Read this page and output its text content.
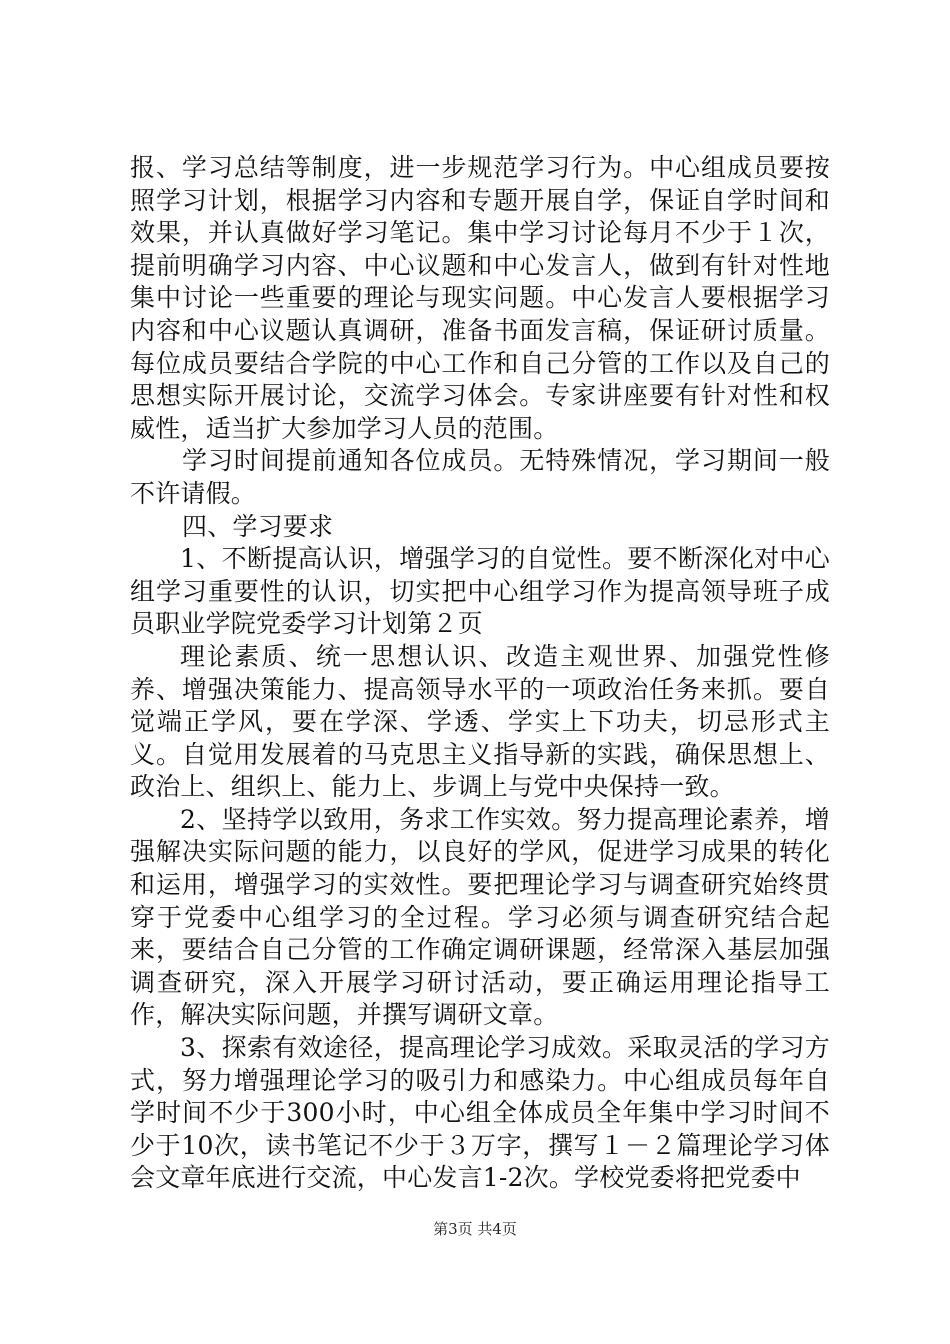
报、学习总结等制度，进一步规范学习行为。中心组成员要按照学习计划，根据学习内容和专题开展自学，保证自学时间和效果，并认真做好学习笔记。集中学习讨论每月不少于１次，提前明确学习内容、中心议题和中心发言人，做到有针对性地集中讨论一些重要的理论与现实问题。中心发言人要根据学习内容和中心议题认真调研，准备书面发言稿，保证研讨质量。每位成员要结合学院的中心工作和自己分管的工作以及自己的思想实际开展讨论，交流学习体会。专家讲座要有针对性和权威性，适当扩大参加学习人员的范围。

学习时间提前通知各位成员。无特殊情况，学习期间一般不许请假。

四、学习要求

1、不断提高认识，增强学习的自觉性。要不断深化对中心组学习重要性的认识，切实把中心组学习作为提高领导班子成员职业学院党委学习计划第２页

理论素质、统一思想认识、改造主观世界、加强党性修养、增强决策能力、提高领导水平的一项政治任务来抓。要自觉端正学风，要在学深、学透、学实上下功夫，切忌形式主义。自觉用发展着的马克思主义指导新的实践，确保思想上、政治上、组织上、能力上、步调上与党中央保持一致。

2、坚持学以致用，务求工作实效。努力提高理论素养，增强解决实际问题的能力，以良好的学风，促进学习成果的转化和运用，增强学习的实效性。要把理论学习与调查研究始终贯穿于党委中心组学习的全过程。学习必须与调查研究结合起来，要结合自己分管的工作确定调研课题，经常深入基层加强调查研究，深入开展学习研讨活动，要正确运用理论指导工作，解决实际问题，并撰写调研文章。

3、探索有效途径，提高理论学习成效。采取灵活的学习方式，努力增强理论学习的吸引力和感染力。中心组成员每年自学时间不少于300小时，中心组全体成员全年集中学习时间不少于10次，读书笔记不少于３万字，撰写１－２篇理论学习体会文章年底进行交流，中心发言1-2次。学校党委将把党委中

第3页 共4页
